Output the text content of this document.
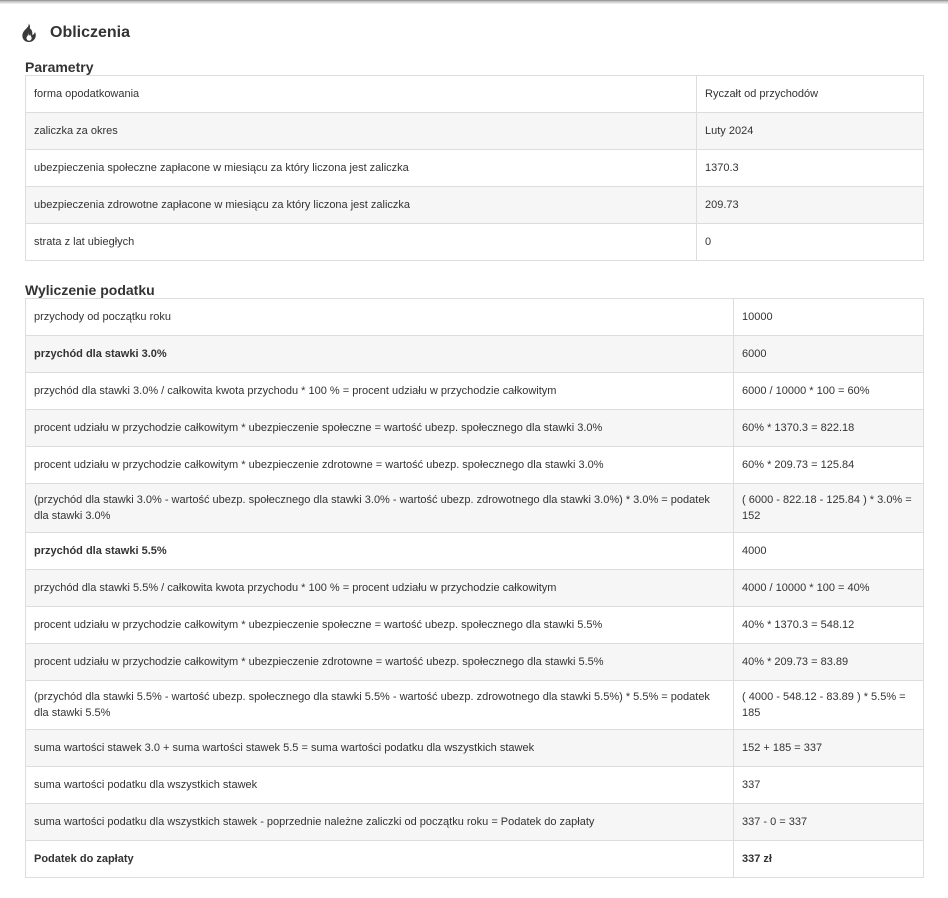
Obliczenia
Parametry
forma opodatkowania	Ryczałt od przychodów
zaliczka za okres	Luty 2024
ubezpieczenia społeczne zapłacone w miesiącu za który liczona jest zaliczka	1370.3
ubezpieczenia zdrowotne zapłacone w miesiącu za który liczona jest zaliczka	209.73
strata z lat ubiegłych	0
Wyliczenie podatku
przychody od początku roku	10000
przychód dla stawki 3.0%	6000
przychód dla stawki 3.0% / całkowita kwota przychodu * 100 % = procent udziału w przychodzie całkowitym	6000 / 10000 * 100 = 60%
procent udziału w przychodzie całkowitym * ubezpieczenie społeczne = wartość ubezp. społecznego dla stawki 3.0%	60% * 1370.3 = 822.18
procent udziału w przychodzie całkowitym * ubezpieczenie zdrotowne = wartość ubezp. społecznego dla stawki 3.0%	60% * 209.73 = 125.84
(przychód dla stawki 3.0% - wartość ubezp. społecznego dla stawki 3.0% - wartość ubezp. zdrowotnego dla stawki 3.0%) * 3.0% = podatek dla stawki 3.0%	( 6000 - 822.18 - 125.84 ) * 3.0% = 152
przychód dla stawki 5.5%	4000
przychód dla stawki 5.5% / całkowita kwota przychodu * 100 % = procent udziału w przychodzie całkowitym	4000 / 10000 * 100 = 40%
procent udziału w przychodzie całkowitym * ubezpieczenie społeczne = wartość ubezp. społecznego dla stawki 5.5%	40% * 1370.3 = 548.12
procent udziału w przychodzie całkowitym * ubezpieczenie zdrotowne = wartość ubezp. społecznego dla stawki 5.5%	40% * 209.73 = 83.89
(przychód dla stawki 5.5% - wartość ubezp. społecznego dla stawki 5.5% - wartość ubezp. zdrowotnego dla stawki 5.5%) * 5.5% = podatek dla stawki 5.5%	( 4000 - 548.12 - 83.89 ) * 5.5% = 185
suma wartości stawek 3.0 + suma wartości stawek 5.5 = suma wartości podatku dla wszystkich stawek	152 + 185 = 337
suma wartości podatku dla wszystkich stawek	337
suma wartości podatku dla wszystkich stawek - poprzednie należne zaliczki od początku roku = Podatek do zapłaty	337 - 0 = 337
Podatek do zapłaty	337 zł
